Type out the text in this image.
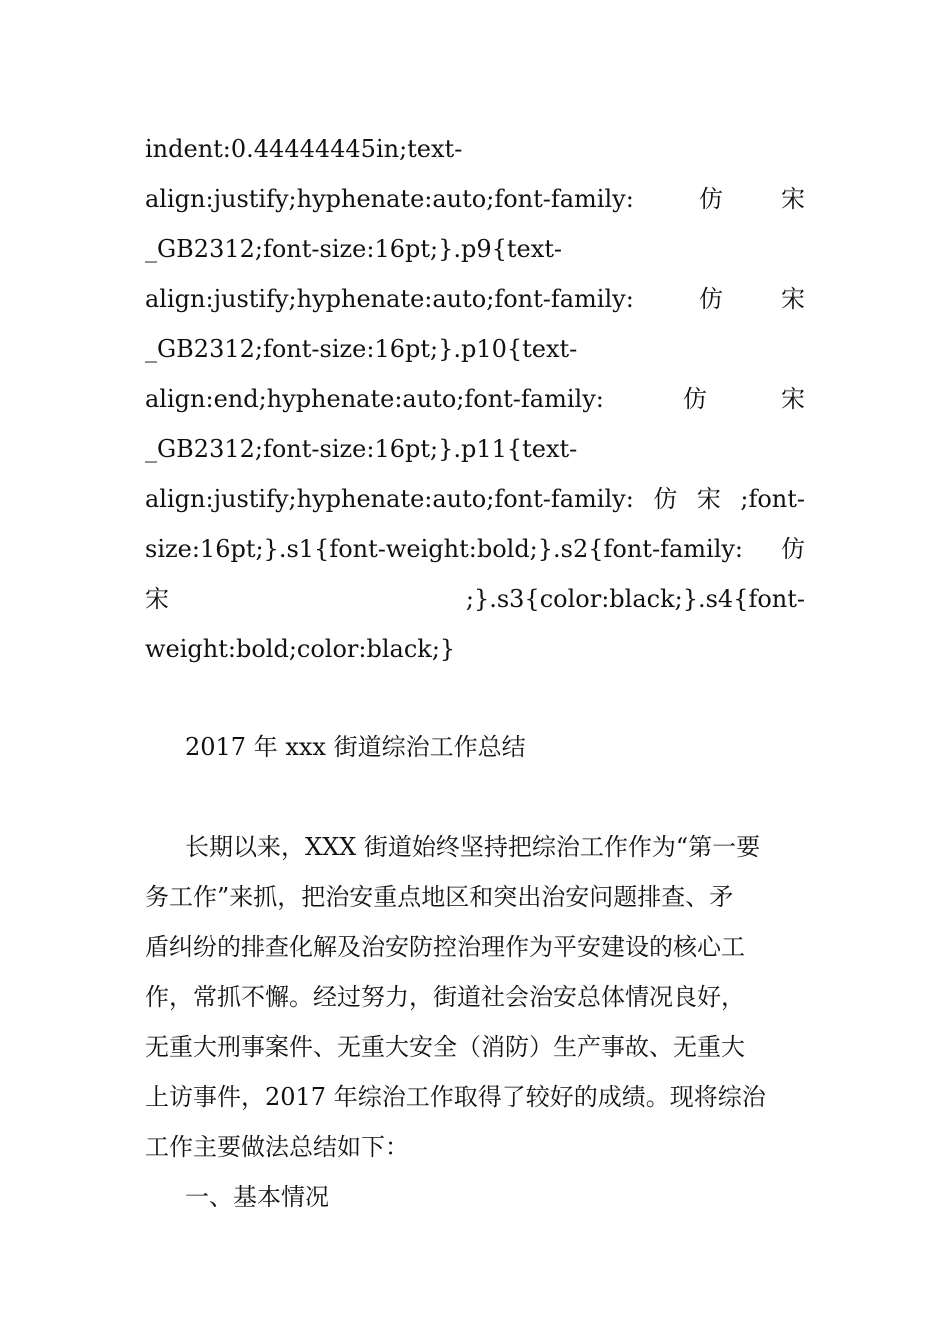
indent:0.44444445in;text-
align:justify;hyphenate:auto;font-family:	仿 宋
_GB2312;font-size:16pt;}.p9{text-
align:justify;hyphenate:auto;font-family:	仿 宋
_GB2312;font-size:16pt;}.p10{text-
align:end;hyphenate:auto;font-family:	仿	宋
_GB2312;font-size:16pt;}.p11{text-
align:justify;hyphenate:auto;font-family: 仿 宋 ;font-
size:16pt;}.s1{font-weight:bold;}.s2{font-family: 仿
宋	;}.s3{color:black;}.s4{font-
weight:bold;color:black;}
2017 年 xxx 街道综治工作总结
长期以来，XXX 街道始终坚持把综治工作作为“第一要
务工作”来抓，把治安重点地区和突出治安问题排查、矛
盾纠纷的排查化解及治安防控治理作为平安建设的核心工
作，常抓不懈。经过努力，街道社会治安总体情况良好，
无重大刑事案件、无重大安全（消防）生产事故、无重大
上访事件，2017 年综治工作取得了较好的成绩。现将综治
工作主要做法总结如下：
一、基本情况
